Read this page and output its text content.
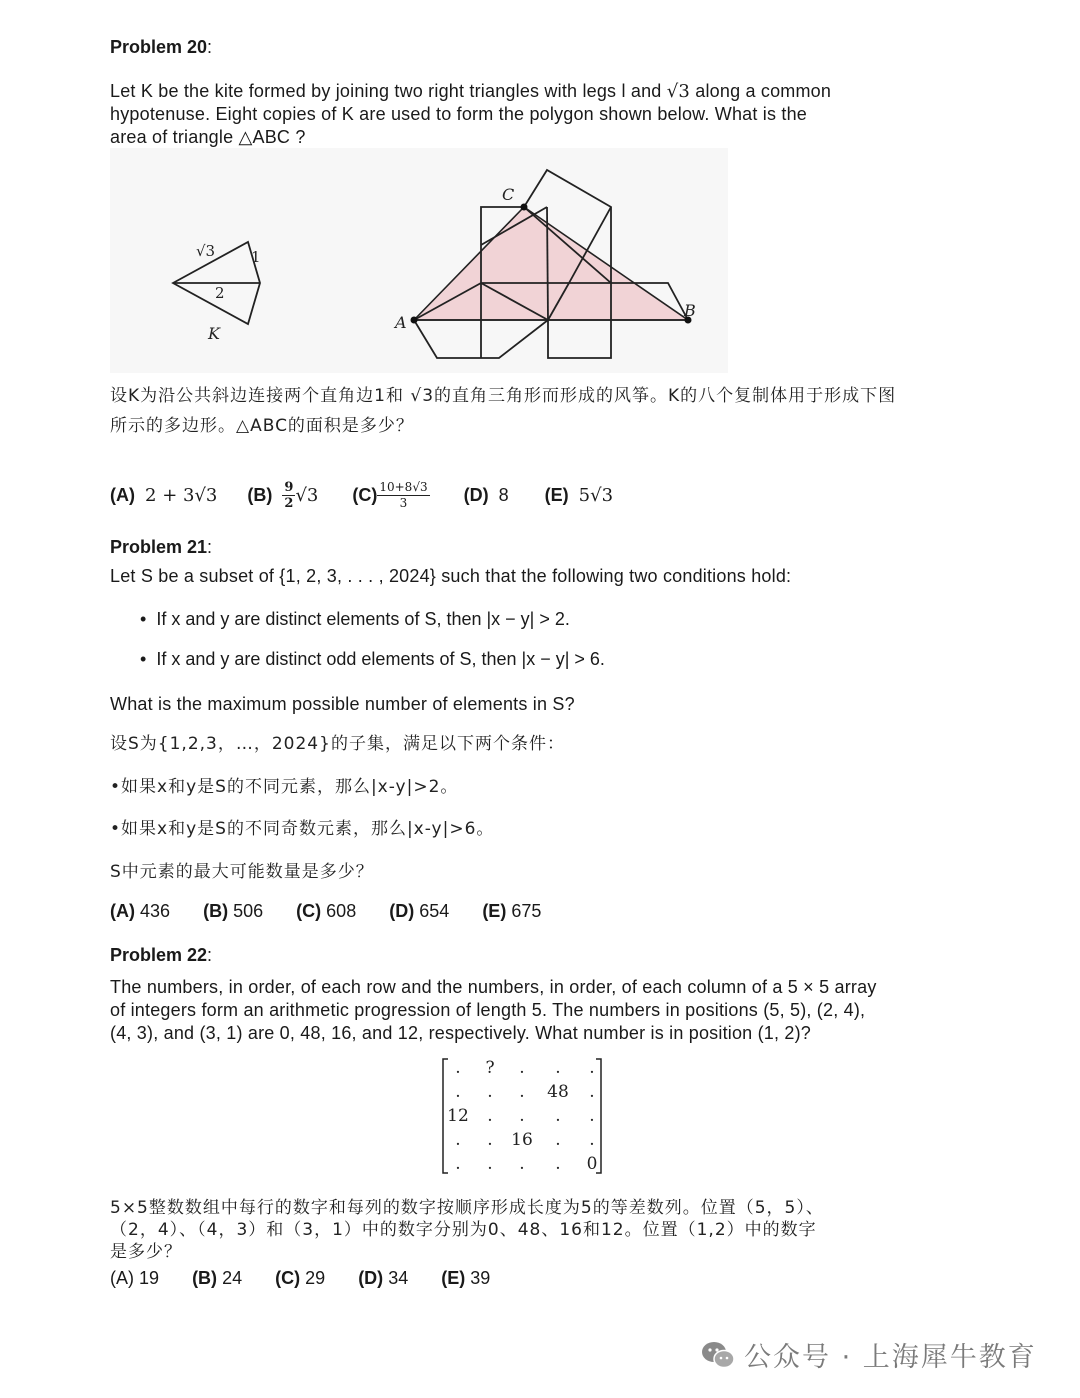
Problem 20:
Let K be the kite formed by joining two right triangles with legs l and √3 along a common
hypotenuse. Eight copies of K are used to form the polygon shown below. What is the
area of triangle △ABC ?
√3 1
2
K
A
C
B
设K为沿公共斜边连接两个直角边1和 √3的直角三角形而形成的风筝。K的八个复制体用于形成下图
所示的多边形。△ABC的面积是多少？
(A)
2 + 3√3 (B)
9
2 √3 (C) 10+8√3
3	(D)
8 (E)
5√3
Problem 21:
Let S be a subset of {1, 2, 3, . . . , 2024} such that the following two conditions hold:
• If x and y are distinct elements of S, then |x − y| > 2.
• If x and y are distinct odd elements of S, then |x − y| > 6.
What is the maximum possible number of elements in S?
设S为{1,2,3，…，2024}的子集，满足以下两个条件：
•如果x和y是S的不同元素，那么|x-y|>2。
•如果x和y是S的不同奇数元素，那么|x-y|>6。
S中元素的最大可能数量是多少？
(A) 436 (B) 506 (C) 608 (D) 654 (E) 675
Problem 22:
The numbers, in order, of each row and the numbers, in order, of each column of a 5 × 5 array
of integers form an arithmetic progression of length 5. The numbers in positions (5, 5), (2, 4),
(4, 3), and (3, 1) are 0, 48, 16, and 12, respectively. What number is in position (1, 2)?
. ? . . .
. . . 48 .
12 . . . .
. . 16 . .
. . . . 0
5×5整数数组中每行的数字和每列的数字按顺序形成长度为5的等差数列。位置（5，5）、
（2，4）、（4，3）和（3，1）中的数字分别为0、48、16和12。位置（1,2）中的数字
是多少？
(A) 19 (B) 24 (C) 29 (D) 34 (E) 39
公众号 · 上海犀牛教育
